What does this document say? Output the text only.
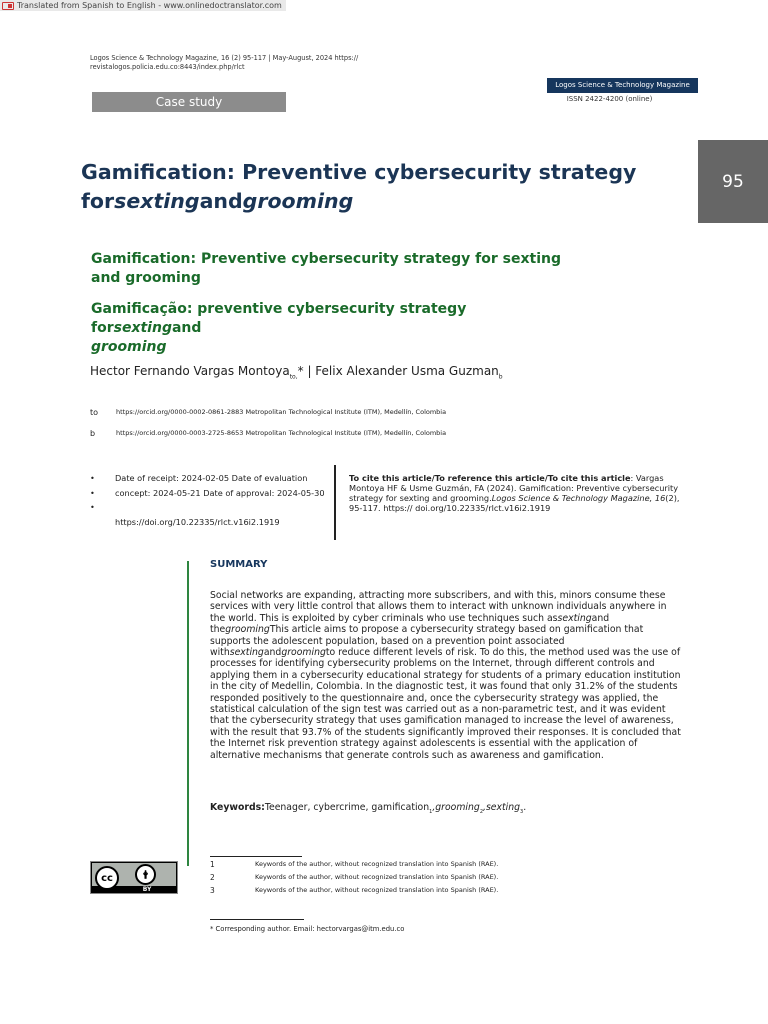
Translated from Spanish to English - www.onlinedoctranslator.com
Logos Science & Technology Magazine, 16 (2) 95-117 | May-August, 2024 https:// revistalogos.policia.edu.co:8443/index.php/rlct
Case study
Logos Science & Technology Magazine
ISSN 2422-4200 (online)
95
Gamification: Preventive cybersecurity strategy
forsextingandgrooming
Gamification: Preventive cybersecurity strategy for sexting and grooming
Gamificação: preventive cybersecurity strategy forsextingand
grooming
Hector Fernando Vargas Montoya$_{to,}$* | Felix Alexander Usma Guzman$_b$
to	https://orcid.org/0000-0002-0861-2883 Metropolitan Technological Institute (ITM), Medellín, Colombia
b	https://orcid.org/0000-0003-2725-8653 Metropolitan Technological Institute (ITM), Medellín, Colombia
•	Date of receipt: 2024-02-05 Date of evaluation
•	concept: 2024-05-21 Date of approval: 2024-05-30
•
https://doi.org/10.22335/rlct.v16i2.1919
To cite this article/To reference this article/To cite this article: Vargas Montoya HF & Usme Guzmán, FA (2024). Gamification: Preventive cybersecurity strategy for sexting and grooming.Logos Science & Technology Magazine, 16(2), 95-117. https:// doi.org/10.22335/rlct.v16i2.1919
SUMMARY
Social networks are expanding, attracting more subscribers, and with this, minors consume these services with very little control that allows them to interact with unknown individuals anywhere in the world. This is exploited by cyber criminals who use techniques such assextingand thegroomingThis article aims to propose a cybersecurity strategy based on gamification that supports the adolescent population, based on a prevention point associated withsextingandgroomingto reduce different levels of risk. To do this, the method used was the use of processes for identifying cybersecurity problems on the Internet, through different controls and applying them in a cybersecurity educational strategy for students of a primary education institution in the city of Medellin, Colombia. In the diagnostic test, it was found that only 31.2% of the students responded positively to the questionnaire and, once the cybersecurity strategy was applied, the statistical calculation of the sign test was carried out as a non-parametric test, and it was evident that the cybersecurity strategy that uses gamification managed to increase the level of awareness, with the result that 93.7% of the students significantly improved their responses. It is concluded that the Internet risk prevention strategy against adolescents is essential with the application of alternative mechanisms that generate controls such as awareness and gamification.
Keywords:Teenager, cybercrime, gamification$_1$,grooming$_2$,sexting$_3$.
1	Keywords of the author, without recognized translation into Spanish (RAE).
2	Keywords of the author, without recognized translation into Spanish (RAE).
3	Keywords of the author, without recognized translation into Spanish (RAE).
* Corresponding author. Email: hectorvargas@itm.edu.co
cc	🛉
BY
